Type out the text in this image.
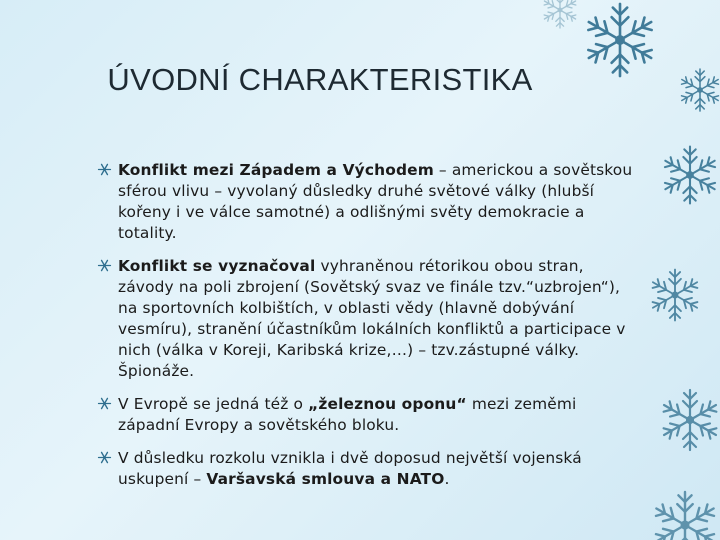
ÚVODNÍ CHARAKTERISTIKA
Konflikt mezi Západem a Východem – americkou a sovětskou sférou vlivu – vyvolaný důsledky druhé světové války (hlubší kořeny i ve válce samotné) a odlišnými světy demokracie a totality.
Konflikt se vyznačoval vyhraněnou rétorikou obou stran, závody na poli zbrojení (Sovětský svaz ve finále tzv.“uzbrojen“), na sportovních kolbištích, v oblasti vědy (hlavně dobývání vesmíru), stranění účastníkům lokálních konfliktů a participace v nich (válka v Koreji, Karibská krize,…) – tzv.zástupné války. Špionáže.
V Evropě se jedná též o „železnou oponu“ mezi zeměmi západní Evropy a sovětského bloku.
V důsledku rozkolu vznikla i dvě doposud největší vojenská uskupení – Varšavská smlouva a NATO.
